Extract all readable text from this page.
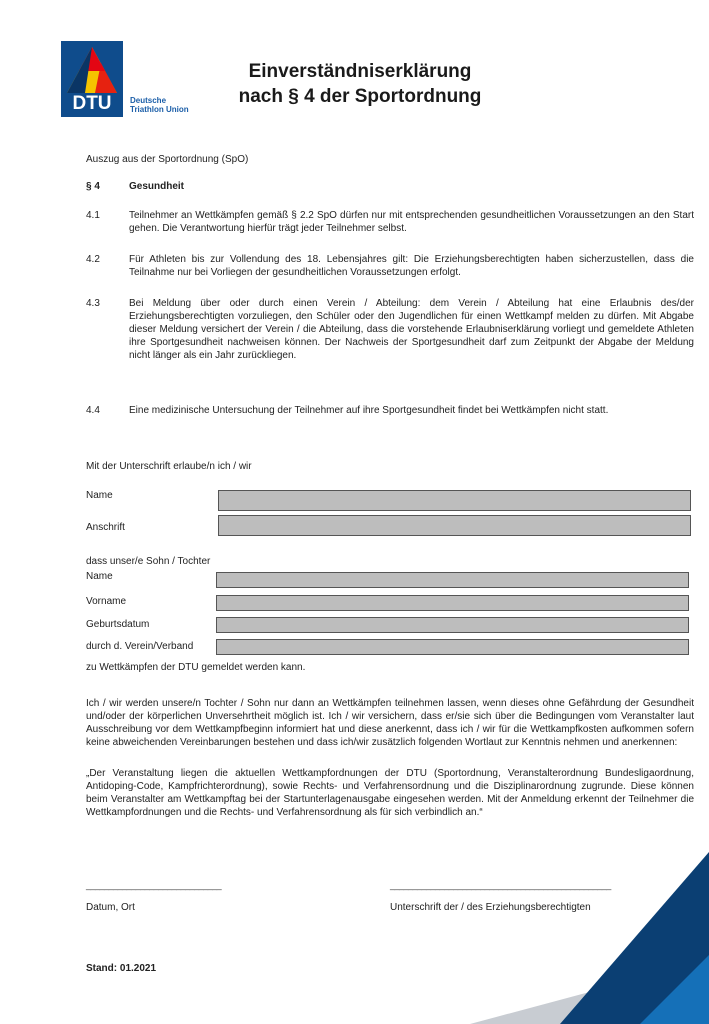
DTU	Deutsche
Triathlon Union
Einverständniserklärung
nach § 4 der Sportordnung
Auszug aus der Sportordnung (SpO)
§ 4	Gesundheit
4.1	Teilnehmer an Wettkämpfen gemäß § 2.2 SpO dürfen nur mit entsprechenden gesundheitlichen Voraussetzungen an den Start gehen. Die Verantwortung hierfür trägt jeder Teilnehmer selbst.
4.2	Für Athleten bis zur Vollendung des 18. Lebensjahres gilt: Die Erziehungsberechtigten haben sicherzustellen, dass die Teilnahme nur bei Vorliegen der gesundheitlichen Voraussetzungen erfolgt.
4.3	Bei Meldung über oder durch einen Verein / Abteilung: dem Verein / Abteilung hat eine Erlaubnis des/der Erziehungsberechtigten vorzuliegen, den Schüler oder den Jugendlichen für einen Wettkampf melden zu dürfen. Mit Abgabe dieser Meldung versichert der Verein / die Abteilung, dass die vorstehende Erlaubniserklärung vorliegt und gemeldete Athleten ihre Sportgesundheit nachweisen können. Der Nachweis der Sportgesundheit darf zum Zeitpunkt der Abgabe der Meldung nicht länger als ein Jahr zurückliegen.
4.4	Eine medizinische Untersuchung der Teilnehmer auf ihre Sportgesundheit findet bei Wettkämpfen nicht statt.
Mit der Unterschrift erlaube/n ich / wir
Name
Anschrift
dass unser/e Sohn / Tochter
Name
Vorname
Geburtsdatum
durch d. Verein/Verband
zu Wettkämpfen der DTU gemeldet werden kann.
Ich / wir werden unsere/n Tochter / Sohn nur dann an Wettkämpfen teilnehmen lassen, wenn dieses ohne Gefährdung der Gesundheit und/oder der körperlichen Unversehrtheit möglich ist. Ich / wir versichern, dass er/sie sich über die Bedingungen vom Veranstalter laut Ausschreibung vor dem Wettkampfbeginn informiert hat und diese anerkennt, dass ich / wir für die Wettkampfkosten aufkommen sofern keine abweichenden Vereinbarungen bestehen und dass ich/wir zusätzlich folgenden Wortlaut zur Kenntnis nehmen und anerkennen:
„Der Veranstaltung liegen die aktuellen Wettkampfordnungen der DTU (Sportordnung, Veranstalterordnung Bundesligaordnung, Antidoping-Code, Kampfrichterordnung), sowie Rechts- und Verfahrensordnung und die Disziplinarordnung zugrunde. Diese können beim Veranstalter am Wettkampftag bei der Startunterlagenausgabe eingesehen werden. Mit der Anmeldung erkennt der Teilnehmer die Wettkampfordnungen und die Rechts- und Verfahrensordnung als für sich verbindlich an.“
______________________________
Datum, Ort
_________________________________________________
Unterschrift der / des Erziehungsberechtigten
Stand: 01.2021
